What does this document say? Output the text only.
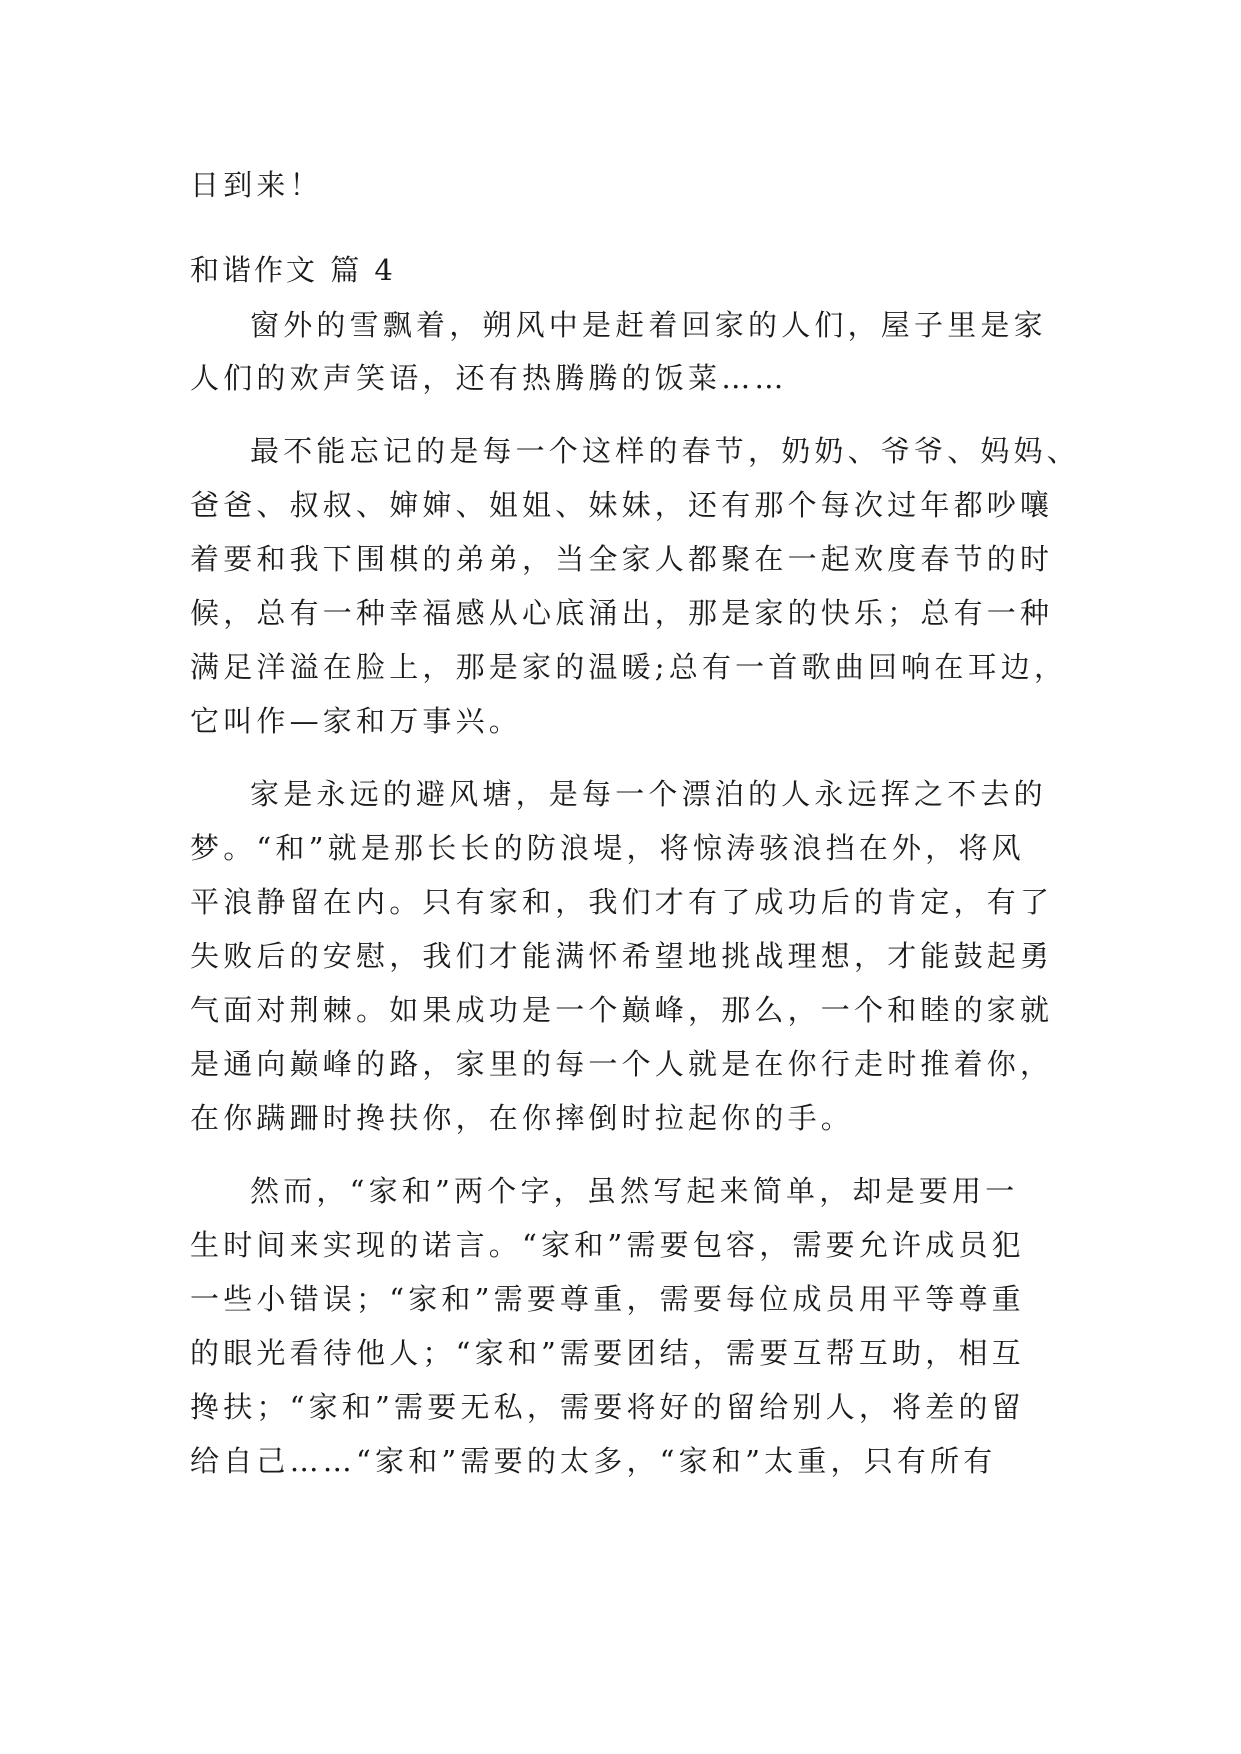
日到来！
和谐作文 篇 4
窗外的雪飘着，朔风中是赶着回家的人们，屋子里是家
人们的欢声笑语，还有热腾腾的饭菜……
最不能忘记的是每一个这样的春节，奶奶、爷爷、妈妈、
爸爸、叔叔、婶婶、姐姐、妹妹，还有那个每次过年都吵嚷
着要和我下围棋的弟弟，当全家人都聚在一起欢度春节的时
候，总有一种幸福感从心底涌出，那是家的快乐；总有一种
满足洋溢在脸上，那是家的温暖;总有一首歌曲回响在耳边，
它叫作—家和万事兴。
家是永远的避风塘，是每一个漂泊的人永远挥之不去的
梦。“和”就是那长长的防浪堤，将惊涛骇浪挡在外，将风
平浪静留在内。只有家和，我们才有了成功后的肯定，有了
失败后的安慰，我们才能满怀希望地挑战理想，才能鼓起勇
气面对荆棘。如果成功是一个巅峰，那么，一个和睦的家就
是通向巅峰的路，家里的每一个人就是在你行走时推着你，
在你蹒跚时搀扶你，在你摔倒时拉起你的手。
然而，“家和”两个字，虽然写起来简单，却是要用一
生时间来实现的诺言。“家和”需要包容，需要允许成员犯
一些小错误；“家和”需要尊重，需要每位成员用平等尊重
的眼光看待他人；“家和”需要团结，需要互帮互助，相互
搀扶；“家和”需要无私，需要将好的留给别人，将差的留
给自己……“家和”需要的太多，“家和”太重，只有所有
